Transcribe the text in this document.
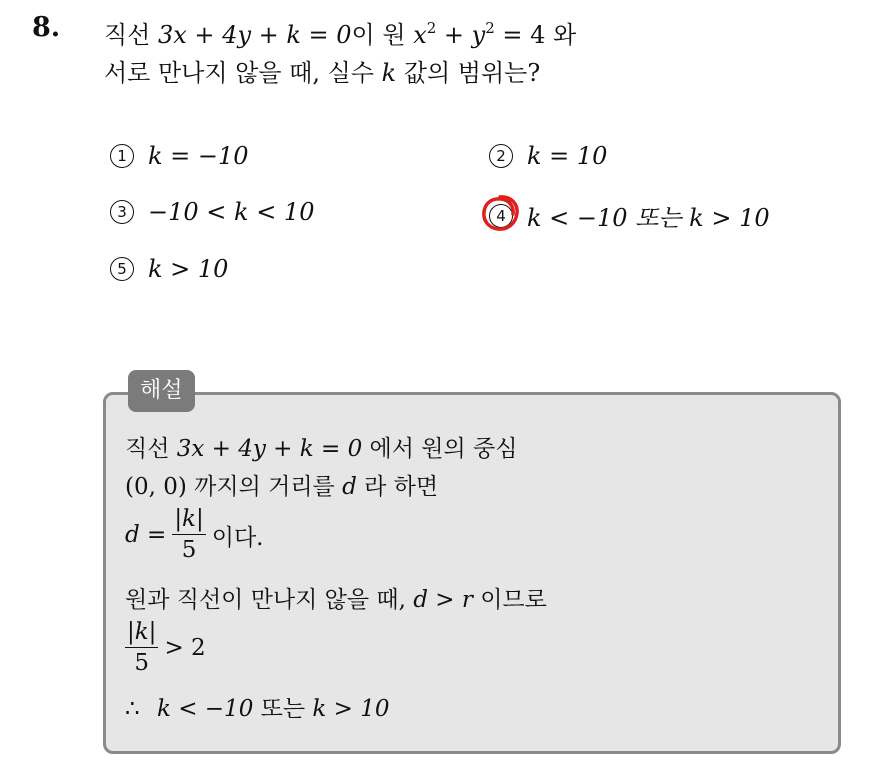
8. 직선 3x + 4y + k = 0이 원 $x^2 + y^2 = 4$ 와
서로 만나지 않을 때, 실수 k 값의 범위는?
1 k = −10	2 k = 10
3 −10 < k < 10	4 k < −10 또는 k > 10
5 k > 10
해설
직선 3x + 4y + k = 0 에서 원의 중심
(0, 0) 까지의 거리를 d 라 하면
$d = \frac{|k|}{5}$ 이다.
원과 직선이 만나지 않을 때, d > r 이므로
$\frac{|k|}{5} > 2$
∴ k < −10 또는 k > 10
